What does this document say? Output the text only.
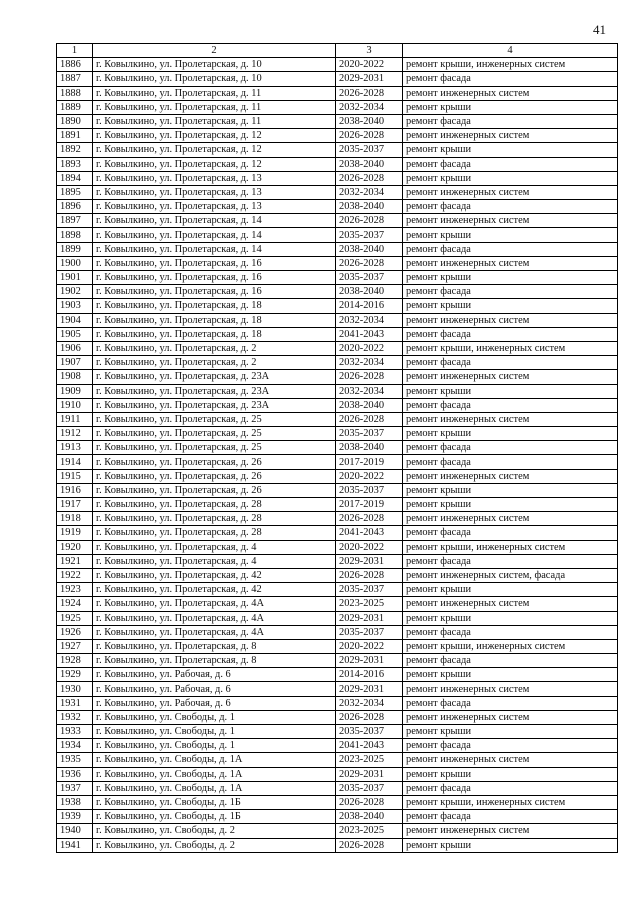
41
1	2	3	4
1886	г. Ковылкино, ул. Пролетарская, д. 10	2020-2022	ремонт крыши, инженерных систем
1887	г. Ковылкино, ул. Пролетарская, д. 10	2029-2031	ремонт фасада
1888	г. Ковылкино, ул. Пролетарская, д. 11	2026-2028	ремонт инженерных систем
1889	г. Ковылкино, ул. Пролетарская, д. 11	2032-2034	ремонт крыши
1890	г. Ковылкино, ул. Пролетарская, д. 11	2038-2040	ремонт фасада
1891	г. Ковылкино, ул. Пролетарская, д. 12	2026-2028	ремонт инженерных систем
1892	г. Ковылкино, ул. Пролетарская, д. 12	2035-2037	ремонт крыши
1893	г. Ковылкино, ул. Пролетарская, д. 12	2038-2040	ремонт фасада
1894	г. Ковылкино, ул. Пролетарская, д. 13	2026-2028	ремонт крыши
1895	г. Ковылкино, ул. Пролетарская, д. 13	2032-2034	ремонт инженерных систем
1896	г. Ковылкино, ул. Пролетарская, д. 13	2038-2040	ремонт фасада
1897	г. Ковылкино, ул. Пролетарская, д. 14	2026-2028	ремонт инженерных систем
1898	г. Ковылкино, ул. Пролетарская, д. 14	2035-2037	ремонт крыши
1899	г. Ковылкино, ул. Пролетарская, д. 14	2038-2040	ремонт фасада
1900	г. Ковылкино, ул. Пролетарская, д. 16	2026-2028	ремонт инженерных систем
1901	г. Ковылкино, ул. Пролетарская, д. 16	2035-2037	ремонт крыши
1902	г. Ковылкино, ул. Пролетарская, д. 16	2038-2040	ремонт фасада
1903	г. Ковылкино, ул. Пролетарская, д. 18	2014-2016	ремонт крыши
1904	г. Ковылкино, ул. Пролетарская, д. 18	2032-2034	ремонт инженерных систем
1905	г. Ковылкино, ул. Пролетарская, д. 18	2041-2043	ремонт фасада
1906	г. Ковылкино, ул. Пролетарская, д. 2	2020-2022	ремонт крыши, инженерных систем
1907	г. Ковылкино, ул. Пролетарская, д. 2	2032-2034	ремонт фасада
1908	г. Ковылкино, ул. Пролетарская, д. 23А	2026-2028	ремонт инженерных систем
1909	г. Ковылкино, ул. Пролетарская, д. 23А	2032-2034	ремонт крыши
1910	г. Ковылкино, ул. Пролетарская, д. 23А	2038-2040	ремонт фасада
1911	г. Ковылкино, ул. Пролетарская, д. 25	2026-2028	ремонт инженерных систем
1912	г. Ковылкино, ул. Пролетарская, д. 25	2035-2037	ремонт крыши
1913	г. Ковылкино, ул. Пролетарская, д. 25	2038-2040	ремонт фасада
1914	г. Ковылкино, ул. Пролетарская, д. 26	2017-2019	ремонт фасада
1915	г. Ковылкино, ул. Пролетарская, д. 26	2020-2022	ремонт инженерных систем
1916	г. Ковылкино, ул. Пролетарская, д. 26	2035-2037	ремонт крыши
1917	г. Ковылкино, ул. Пролетарская, д. 28	2017-2019	ремонт крыши
1918	г. Ковылкино, ул. Пролетарская, д. 28	2026-2028	ремонт инженерных систем
1919	г. Ковылкино, ул. Пролетарская, д. 28	2041-2043	ремонт фасада
1920	г. Ковылкино, ул. Пролетарская, д. 4	2020-2022	ремонт крыши, инженерных систем
1921	г. Ковылкино, ул. Пролетарская, д. 4	2029-2031	ремонт фасада
1922	г. Ковылкино, ул. Пролетарская, д. 42	2026-2028	ремонт инженерных систем, фасада
1923	г. Ковылкино, ул. Пролетарская, д. 42	2035-2037	ремонт крыши
1924	г. Ковылкино, ул. Пролетарская, д. 4А	2023-2025	ремонт инженерных систем
1925	г. Ковылкино, ул. Пролетарская, д. 4А	2029-2031	ремонт крыши
1926	г. Ковылкино, ул. Пролетарская, д. 4А	2035-2037	ремонт фасада
1927	г. Ковылкино, ул. Пролетарская, д. 8	2020-2022	ремонт крыши, инженерных систем
1928	г. Ковылкино, ул. Пролетарская, д. 8	2029-2031	ремонт фасада
1929	г. Ковылкино, ул. Рабочая, д. 6	2014-2016	ремонт крыши
1930	г. Ковылкино, ул. Рабочая, д. 6	2029-2031	ремонт инженерных систем
1931	г. Ковылкино, ул. Рабочая, д. 6	2032-2034	ремонт фасада
1932	г. Ковылкино, ул. Свободы, д. 1	2026-2028	ремонт инженерных систем
1933	г. Ковылкино, ул. Свободы, д. 1	2035-2037	ремонт крыши
1934	г. Ковылкино, ул. Свободы, д. 1	2041-2043	ремонт фасада
1935	г. Ковылкино, ул. Свободы, д. 1А	2023-2025	ремонт инженерных систем
1936	г. Ковылкино, ул. Свободы, д. 1А	2029-2031	ремонт крыши
1937	г. Ковылкино, ул. Свободы, д. 1А	2035-2037	ремонт фасада
1938	г. Ковылкино, ул. Свободы, д. 1Б	2026-2028	ремонт крыши, инженерных систем
1939	г. Ковылкино, ул. Свободы, д. 1Б	2038-2040	ремонт фасада
1940	г. Ковылкино, ул. Свободы, д. 2	2023-2025	ремонт инженерных систем
1941	г. Ковылкино, ул. Свободы, д. 2	2026-2028	ремонт крыши
